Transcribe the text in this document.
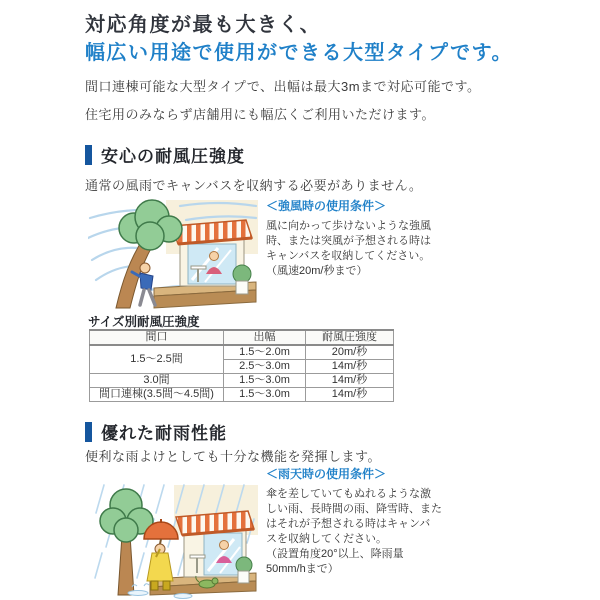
対応角度が最も大きく、
幅広い用途で使用ができる大型タイプです。
間口連棟可能な大型タイプで、出幅は最大3mまで対応可能です。
住宅用のみならず店舗用にも幅広くご利用いただけます。
安心の耐風圧強度
通常の風雨でキャンバスを収納する必要がありません。
＜強風時の使用条件＞
風に向かって歩けないような強風
時、または突風が予想される時は
キャンバスを収納してください。
（風速20m/秒まで）
サイズ別耐風圧強度
間口	出幅	耐風圧強度
1.5～2.5間	1.5～2.0m	20m/秒
	2.5～3.0m	14m/秒
3.0間	1.5～3.0m	14m/秒
間口連棟(3.5間～4.5間)	1.5～3.0m	14m/秒
優れた耐雨性能
便利な雨よけとしても十分な機能を発揮します。
＜雨天時の使用条件＞
傘を差していてもぬれるような激
しい雨、長時間の雨、降雪時、また
はそれが予想される時はキャンバ
スを収納してください。
（設置角度20°以上、降雨量
50mm/hまで）
